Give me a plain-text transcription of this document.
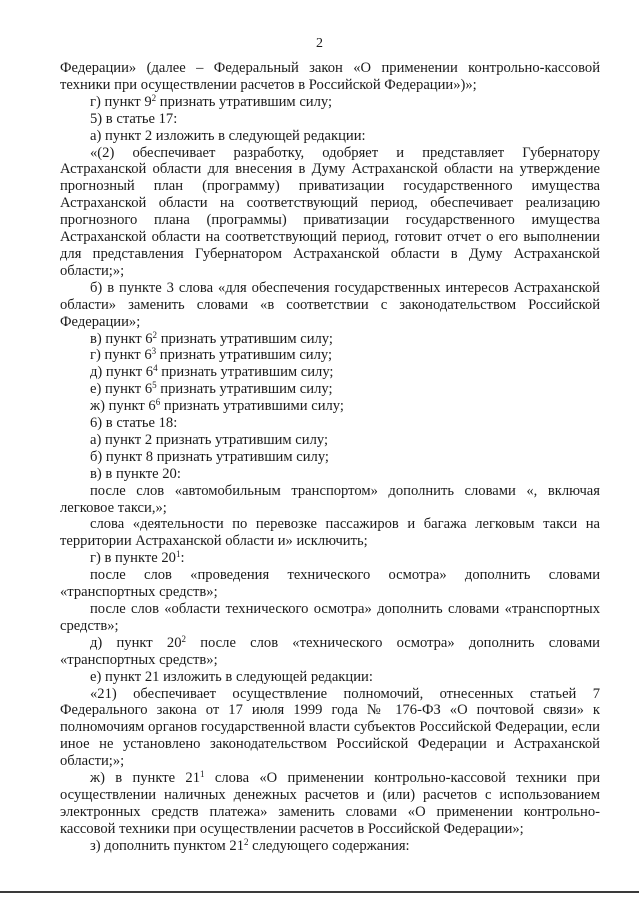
2

Федерации» (далее – Федеральный закон «О применении контрольно-кассовой техники при осуществлении расчетов в Российской Федерации»)»;

г) пункт $9^2$ признать утратившим силу;

5) в статье 17:

а) пункт 2 изложить в следующей редакции:

«(2) обеспечивает разработку, одобряет и представляет Губернатору Астраханской области для внесения в Думу Астраханской области на утверждение прогнозный план (программу) приватизации государственного имущества Астраханской области на соответствующий период, обеспечивает реализацию прогнозного плана (программы) приватизации государственного имущества Астраханской области на соответствующий период, готовит отчет о его выполнении для представления Губернатором Астраханской области в Думу Астраханской области;»;

б) в пункте 3 слова «для обеспечения государственных интересов Астраханской области» заменить словами «в соответствии с законодательством Российской Федерации»;

в) пункт $6^2$ признать утратившим силу;

г) пункт $6^3$ признать утратившим силу;

д) пункт $6^4$ признать утратившим силу;

е) пункт $6^5$ признать утратившим силу;

ж) пункт $6^6$ признать утратившими силу;

6) в статье 18:

а) пункт 2 признать утратившим силу;

б) пункт 8 признать утратившим силу;

в) в пункте 20:

после слов «автомобильным транспортом» дополнить словами «, включая легковое такси,»;

слова «деятельности по перевозке пассажиров и багажа легковым такси на территории Астраханской области и» исключить;

г) в пункте $20^1$:

после слов «проведения технического осмотра» дополнить словами «транспортных средств»;

после слов «области технического осмотра» дополнить словами «транспортных средств»;

д) пункт $20^2$ после слов «технического осмотра» дополнить словами «транспортных средств»;

е) пункт 21 изложить в следующей редакции:

«21) обеспечивает осуществление полномочий, отнесенных статьей 7 Федерального закона от 17 июля 1999 года № 176-ФЗ «О почтовой связи» к полномочиям органов государственной власти субъектов Российской Федерации, если иное не установлено законодательством Российской Федерации и Астраханской области;»;

ж) в пункте $21^1$ слова «О применении контрольно-кассовой техники при осуществлении наличных денежных расчетов и (или) расчетов с использованием электронных средств платежа» заменить словами «О применении контрольно-кассовой техники при осуществлении расчетов в Российской Федерации»;

з) дополнить пунктом $21^2$ следующего содержания:
